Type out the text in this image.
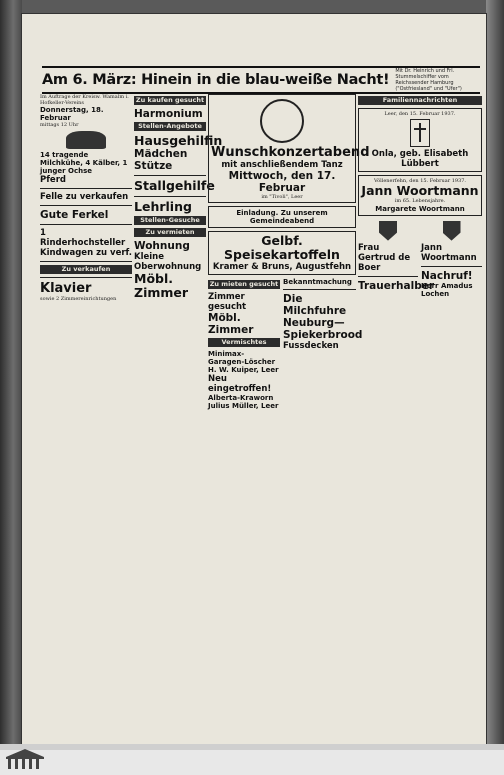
Am 6. März: Hinein in die blau-weiße Nacht!
Mit Dr. Heinrich und Frl. Stummelschiffer vom Reichssender Hamburg ("Ostfriesland" und "Ufer")
Im Auftrage der Kreisw. Wamalm i. Hofkeller-Vereins
Donnerstag, 18. Februar
mittags 12 Uhr
14 tragende Milchkühe, 4 Kälber, 1 junger Ochse
Pferd
Felle zu verkaufen
Gute Ferkel
1 Rinderhochsteller
Kindwagen zu verf.
Zu verkaufen
Klavier
sowie 2 Zimmereinrichtungen
Zu kaufen gesucht
Harmonium
Stellen-Angebote
Hausgehilfin
Mädchen
Stütze
Stallgehilfe
Lehrling
Stellen-Gesuche
Zu vermieten
Wohnung
Kleine Oberwohnung
Möbl. Zimmer
Wunschkonzertabend
mit anschließendem Tanz
Mittwoch, den 17. Februar
im "Tivoli", Leer
Einladung. Zu unserem Gemeindeabend
Gelbf. Speisekartoffeln
Kramer & Bruns, Augustfehn
Zu mieten gesucht
Zimmer gesucht
Möbl. Zimmer
Vermischtes
Minimax-Garagen-Löscher
H. W. Kuiper, Leer
Neu eingetroffen!
Alberta-Kraworn
Julius Müller, Leer
Bekanntmachung
Die Milchfuhre Neuburg—Spiekerbrood
Fussdecken
Familiennachrichten
Leer, den 15. Februar 1937.
Onla, geb. Elisabeth Lübbert
Völlenerfehn, den 15. Februar 1937.
Jann Woortmann
im 65. Lebensjahre.
Margarete Woortmann
Frau Gertrud de Boer
Trauerhalber
Jann Woortmann
Nachruf!
Herr Amadus Lochen
